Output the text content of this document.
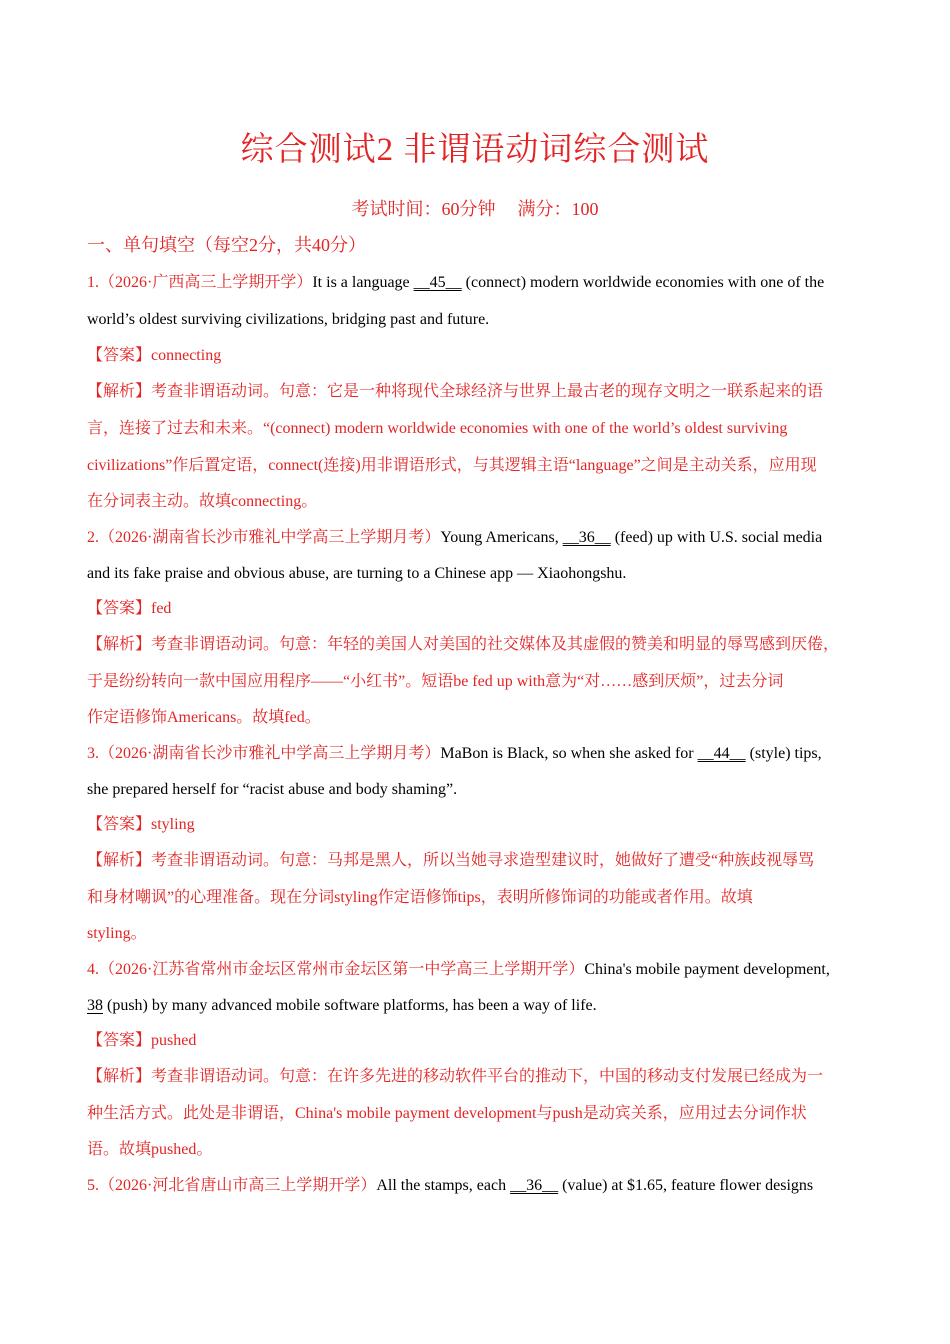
综合测试2 非谓语动词综合测试
考试时间：60分钟 满分：100
一、单句填空（每空2分，共40分）
1.（2026·广西高三上学期开学）It is a language __45__ (connect) modern worldwide economies with one of the
world’s oldest surviving civilizations, bridging past and future.
【答案】connecting
【解析】考查非谓语动词。句意：它是一种将现代全球经济与世界上最古老的现存文明之一联系起来的语
言，连接了过去和未来。“(connect) modern worldwide economies with one of the world’s oldest surviving
civilizations”作后置定语，connect(连接)用非谓语形式，与其逻辑主语“language”之间是主动关系，应用现
在分词表主动。故填connecting。
2.（2026·湖南省长沙市雅礼中学高三上学期月考）Young Americans, __36__ (feed) up with U.S. social media
and its fake praise and obvious abuse, are turning to a Chinese app — Xiaohongshu.
【答案】fed
【解析】考查非谓语动词。句意：年轻的美国人对美国的社交媒体及其虚假的赞美和明显的辱骂感到厌倦，
于是纷纷转向一款中国应用程序——“小红书”。短语be fed up with意为“对……感到厌烦”，过去分词
作定语修饰Americans。故填fed。
3.（2026·湖南省长沙市雅礼中学高三上学期月考）MaBon is Black, so when she asked for __44__ (style) tips,
she prepared herself for “racist abuse and body shaming”.
【答案】styling
【解析】考查非谓语动词。句意：马邦是黑人，所以当她寻求造型建议时，她做好了遭受“种族歧视辱骂
和身材嘲讽”的心理准备。现在分词styling作定语修饰tips，表明所修饰词的功能或者作用。故填
styling。
4.（2026·江苏省常州市金坛区常州市金坛区第一中学高三上学期开学）China's mobile payment development,
38 (push) by many advanced mobile software platforms, has been a way of life.
【答案】pushed
【解析】考查非谓语动词。句意：在许多先进的移动软件平台的推动下，中国的移动支付发展已经成为一
种生活方式。此处是非谓语，China's mobile payment development与push是动宾关系，应用过去分词作状
语。故填pushed。
5.（2026·河北省唐山市高三上学期开学）All the stamps, each __36__ (value) at $1.65, feature flower designs
